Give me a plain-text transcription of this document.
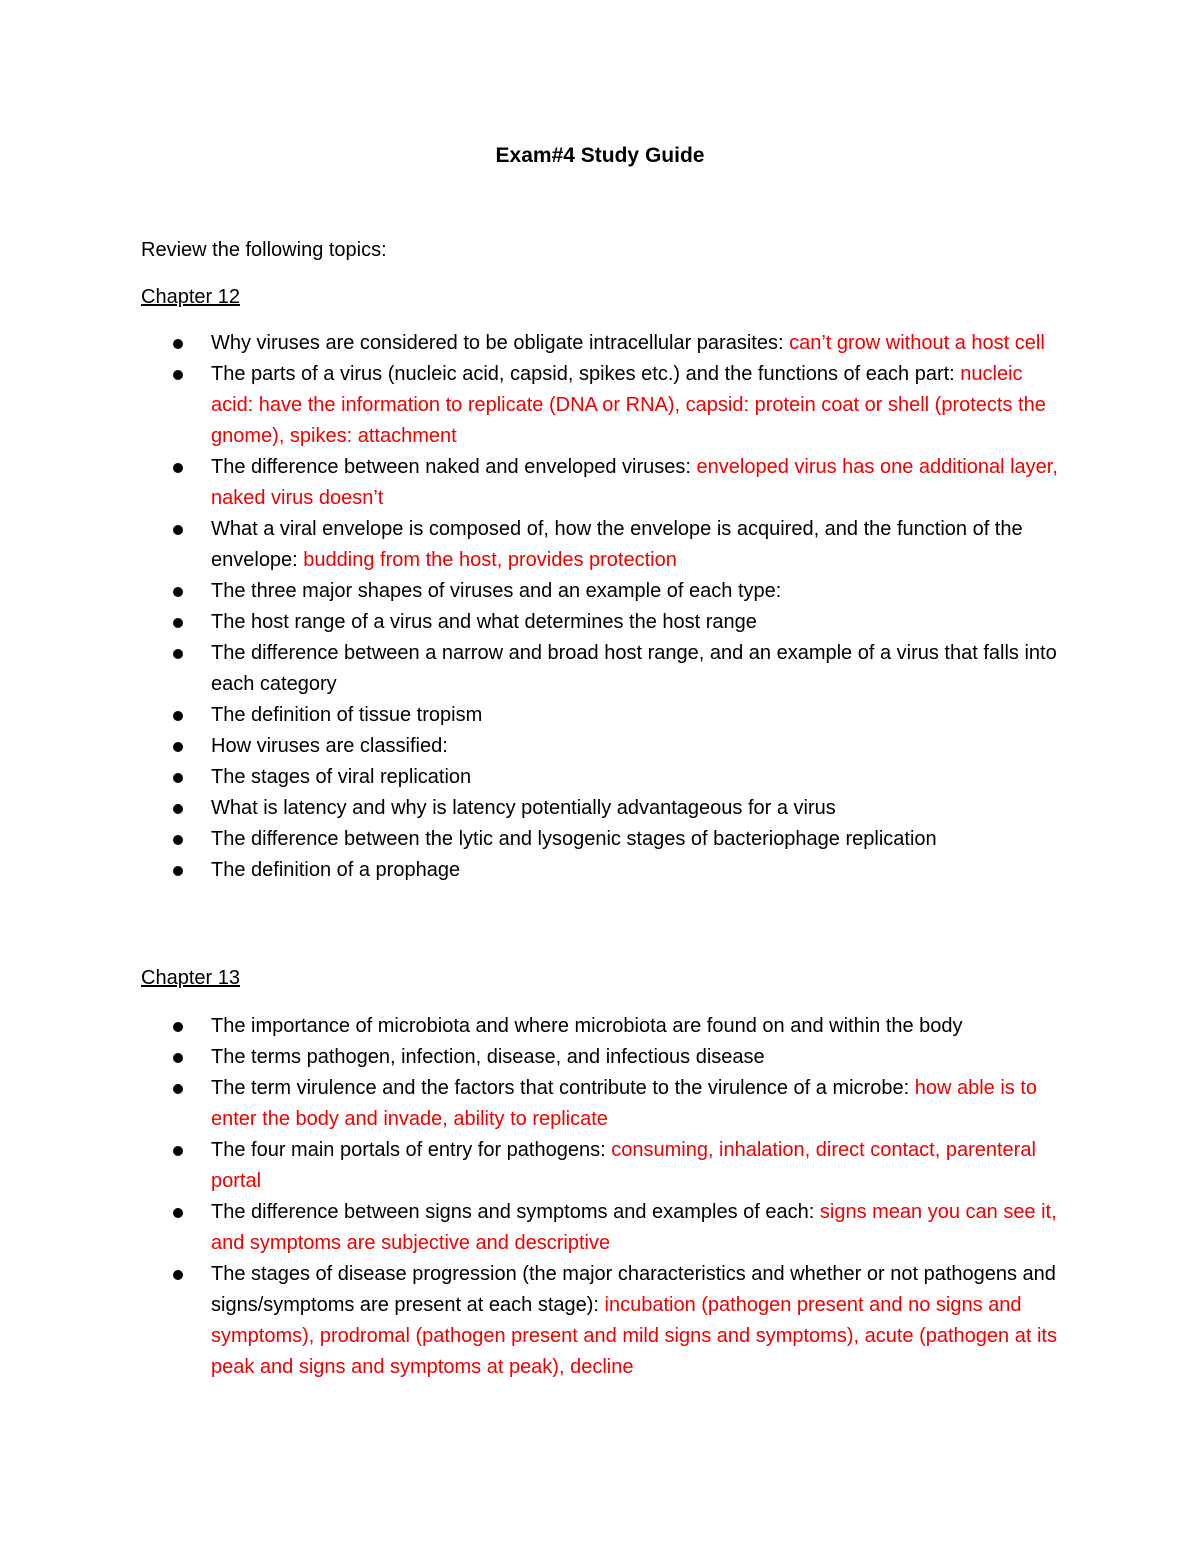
Exam#4 Study Guide
Review the following topics:
Chapter 12
Why viruses are considered to be obligate intracellular parasites: can’t grow without a host cell
The parts of a virus (nucleic acid, capsid, spikes etc.) and the functions of each part: nucleic acid: have the information to replicate (DNA or RNA), capsid: protein coat or shell (protects the gnome), spikes: attachment
The difference between naked and enveloped viruses: enveloped virus has one additional layer, naked virus doesn’t
What a viral envelope is composed of, how the envelope is acquired, and the function of the envelope: budding from the host, provides protection
The three major shapes of viruses and an example of each type:
The host range of a virus and what determines the host range
The difference between a narrow and broad host range, and an example of a virus that falls into each category
The definition of tissue tropism
How viruses are classified:
The stages of viral replication
What is latency and why is latency potentially advantageous for a virus
The difference between the lytic and lysogenic stages of bacteriophage replication
The definition of a prophage
Chapter 13
The importance of microbiota and where microbiota are found on and within the body
The terms pathogen, infection, disease, and infectious disease
The term virulence and the factors that contribute to the virulence of a microbe: how able is to enter the body and invade, ability to replicate
The four main portals of entry for pathogens: consuming, inhalation, direct contact, parenteral portal
The difference between signs and symptoms and examples of each: signs mean you can see it, and symptoms are subjective and descriptive
The stages of disease progression (the major characteristics and whether or not pathogens and signs/symptoms are present at each stage): incubation (pathogen present and no signs and symptoms), prodromal (pathogen present and mild signs and symptoms), acute (pathogen at its peak and signs and symptoms at peak), decline
